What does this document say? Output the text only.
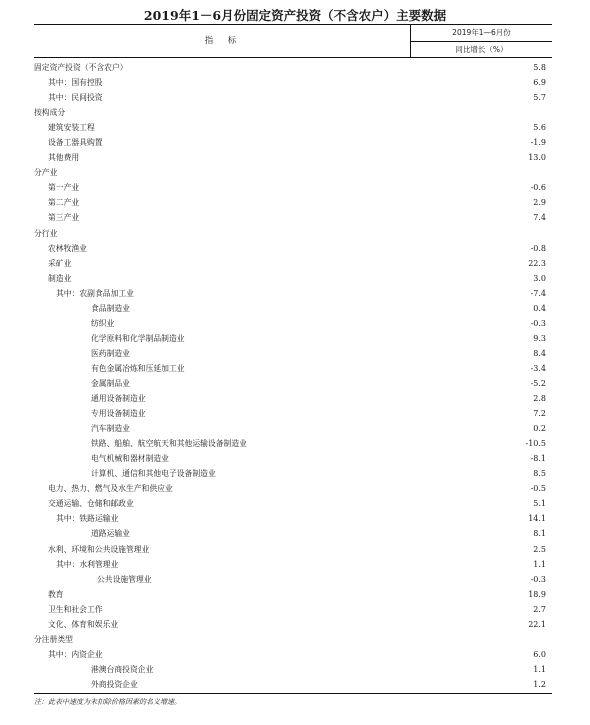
2019年1－6月份固定资产投资（不含农户）主要数据
指　标
2019年1—6月份
同比增长（%）
固定资产投资（不含农户）	5.8
其中：国有控股	6.9
其中：民间投资	5.7
按构成分
建筑安装工程	5.6
设备工器具购置	-1.9
其他费用	13.0
分产业
第一产业	-0.6
第二产业	2.9
第三产业	7.4
分行业
农林牧渔业	-0.8
采矿业	22.3
制造业	3.0
其中：农副食品加工业	-7.4
食品制造业	0.4
纺织业	-0.3
化学原料和化学制品制造业	9.3
医药制造业	8.4
有色金属冶炼和压延加工业	-3.4
金属制品业	-5.2
通用设备制造业	2.8
专用设备制造业	7.2
汽车制造业	0.2
铁路、船舶、航空航天和其他运输设备制造业	-10.5
电气机械和器材制造业	-8.1
计算机、通信和其他电子设备制造业	8.5
电力、热力、燃气及水生产和供应业	-0.5
交通运输、仓储和邮政业	5.1
其中：铁路运输业	14.1
道路运输业	8.1
水利、环境和公共设施管理业	2.5
其中：水利管理业	1.1
公共设施管理业	-0.3
教育	18.9
卫生和社会工作	2.7
文化、体育和娱乐业	22.1
分注册类型
其中：内资企业	6.0
港澳台商投资企业	1.1
外商投资企业	1.2
注：此表中速度为未扣除价格因素的名义增速。
